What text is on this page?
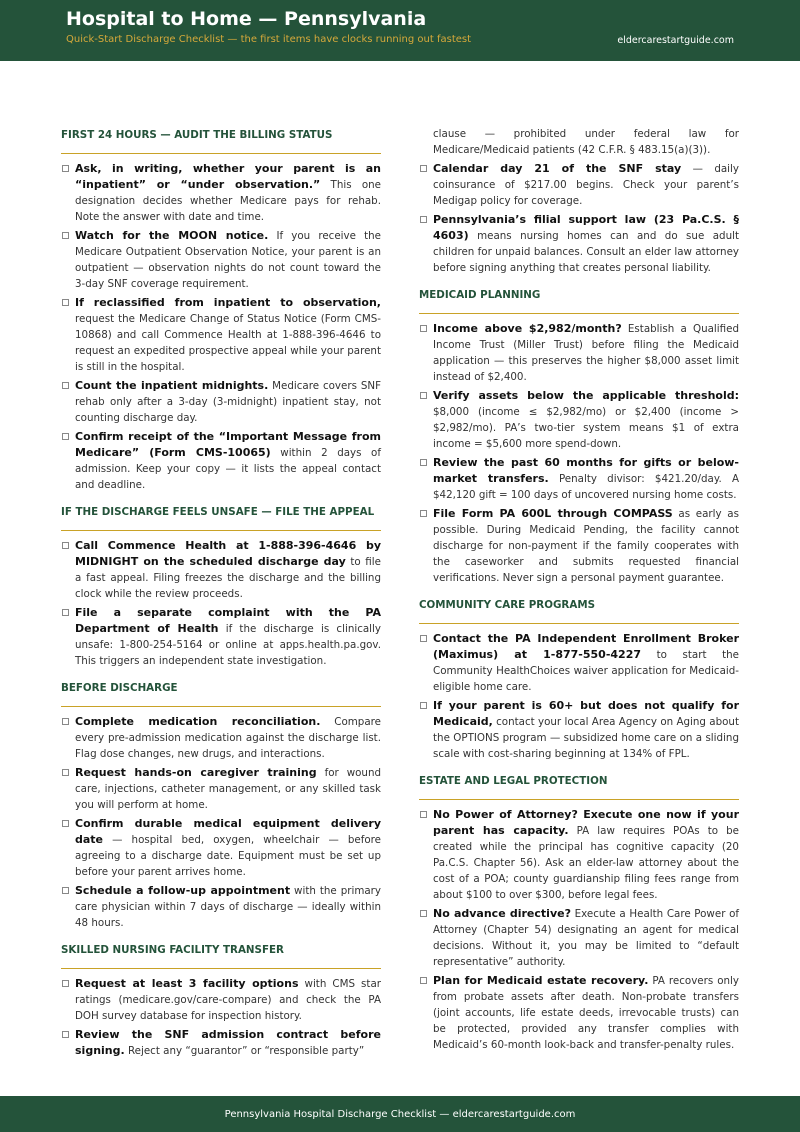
Hospital to Home — Pennsylvania
Quick-Start Discharge Checklist — the first items have clocks running out fastest	eldercarestartguide.com
FIRST 24 HOURS — AUDIT THE BILLING STATUS
Ask, in writing, whether your parent is an “inpatient” or “under observation.” This one designation decides whether Medicare pays for rehab. Note the answer with date and time.
Watch for the MOON notice. If you receive the Medicare Outpatient Observation Notice, your parent is an outpatient — observation nights do not count toward the 3-day SNF coverage requirement.
If reclassified from inpatient to observation, request the Medicare Change of Status Notice (Form CMS-10868) and call Commence Health at 1-888-396-4646 to request an expedited prospective appeal while your parent is still in the hospital.
Count the inpatient midnights. Medicare covers SNF rehab only after a 3-day (3-midnight) inpatient stay, not counting discharge day.
Confirm receipt of the “Important Message from Medicare” (Form CMS-10065) within 2 days of admission. Keep your copy — it lists the appeal contact and deadline.
IF THE DISCHARGE FEELS UNSAFE — FILE THE APPEAL
Call Commence Health at 1-888-396-4646 by MIDNIGHT on the scheduled discharge day to file a fast appeal. Filing freezes the discharge and the billing clock while the review proceeds.
File a separate complaint with the PA Department of Health if the discharge is clinically unsafe: 1-800-254-5164 or online at apps.health.pa.gov. This triggers an independent state investigation.
BEFORE DISCHARGE
Complete medication reconciliation. Compare every pre-admission medication against the discharge list. Flag dose changes, new drugs, and interactions.
Request hands-on caregiver training for wound care, injections, catheter management, or any skilled task you will perform at home.
Confirm durable medical equipment delivery date — hospital bed, oxygen, wheelchair — before agreeing to a discharge date. Equipment must be set up before your parent arrives home.
Schedule a follow-up appointment with the primary care physician within 7 days of discharge — ideally within 48 hours.
SKILLED NURSING FACILITY TRANSFER
Request at least 3 facility options with CMS star ratings (medicare.gov/care-compare) and check the PA DOH survey database for inspection history.
Review the SNF admission contract before signing. Reject any “guarantor” or “responsible party”
clause — prohibited under federal law for Medicare/Medicaid patients (42 C.F.R. § 483.15(a)(3)).
Calendar day 21 of the SNF stay — daily coinsurance of $217.00 begins. Check your parent’s Medigap policy for coverage.
Pennsylvania’s filial support law (23 Pa.C.S. § 4603) means nursing homes can and do sue adult children for unpaid balances. Consult an elder law attorney before signing anything that creates personal liability.
MEDICAID PLANNING
Income above $2,982/month? Establish a Qualified Income Trust (Miller Trust) before filing the Medicaid application — this preserves the higher $8,000 asset limit instead of $2,400.
Verify assets below the applicable threshold: $8,000 (income ≤ $2,982/mo) or $2,400 (income > $2,982/mo). PA’s two-tier system means $1 of extra income = $5,600 more spend-down.
Review the past 60 months for gifts or below-market transfers. Penalty divisor: $421.20/day. A $42,120 gift = 100 days of uncovered nursing home costs.
File Form PA 600L through COMPASS as early as possible. During Medicaid Pending, the facility cannot discharge for non-payment if the family cooperates with the caseworker and submits requested financial verifications. Never sign a personal payment guarantee.
COMMUNITY CARE PROGRAMS
Contact the PA Independent Enrollment Broker (Maximus) at 1-877-550-4227 to start the Community HealthChoices waiver application for Medicaid-eligible home care.
If your parent is 60+ but does not qualify for Medicaid, contact your local Area Agency on Aging about the OPTIONS program — subsidized home care on a sliding scale with cost-sharing beginning at 134% of FPL.
ESTATE AND LEGAL PROTECTION
No Power of Attorney? Execute one now if your parent has capacity. PA law requires POAs to be created while the principal has cognitive capacity (20 Pa.C.S. Chapter 56). Ask an elder-law attorney about the cost of a POA; county guardianship filing fees range from about $100 to over $300, before legal fees.
No advance directive? Execute a Health Care Power of Attorney (Chapter 54) designating an agent for medical decisions. Without it, you may be limited to “default representative” authority.
Plan for Medicaid estate recovery. PA recovers only from probate assets after death. Non-probate transfers (joint accounts, life estate deeds, irrevocable trusts) can be protected, provided any transfer complies with Medicaid’s 60-month look-back and transfer-penalty rules.
Pennsylvania Hospital Discharge Checklist — eldercarestartguide.com
